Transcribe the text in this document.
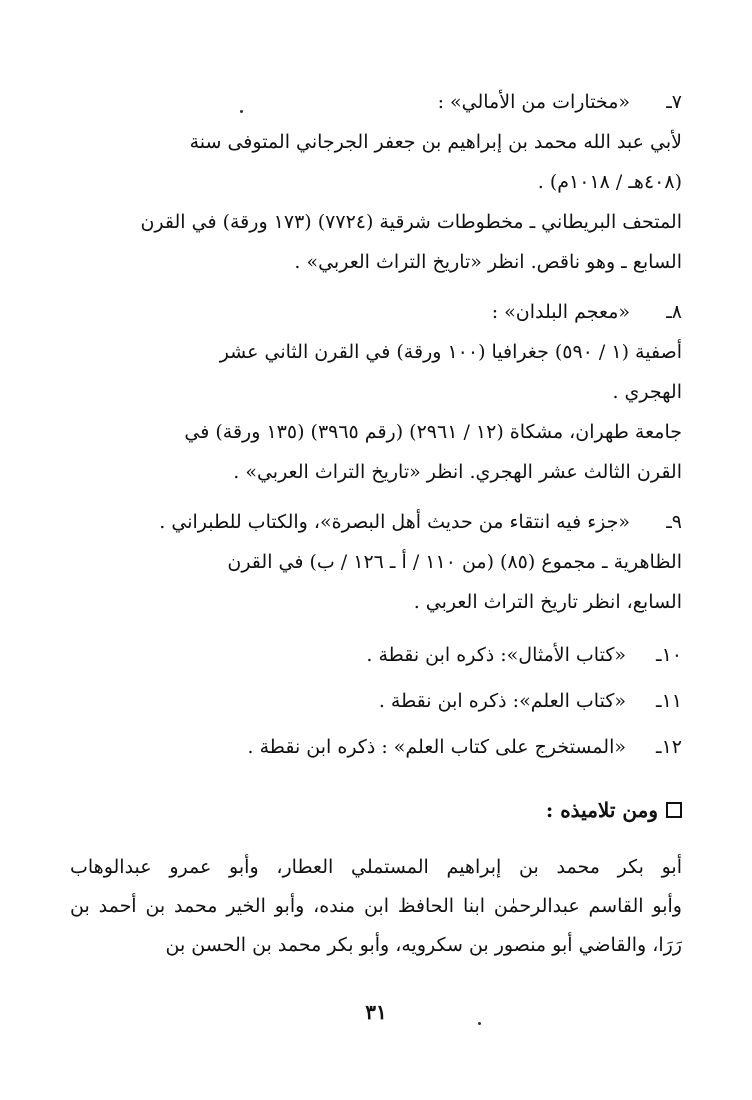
٧ـ
«مختارات من الأمالي» :
لأبي عبد الله محمد بن إبراهيم بن جعفر الجرجاني المتوفى سنة
(٤٠٨هـ / ١٠١٨م) .
المتحف البريطاني ـ مخطوطات شرقية (٧٧٢٤) (١٧٣ ورقة) في القرن
السابع ـ وهو ناقص. انظر «تاريخ التراث العربي» .
٨ـ
«معجم البلدان» :
أصفية (١ / ٥٩٠) جغرافيا (١٠٠ ورقة) في القرن الثاني عشر
الهجري .
جامعة طهران، مشكاة (١٢ / ٢٩٦١) (رقم ٣٩٦٥) (١٣٥ ورقة) في
القرن الثالث عشر الهجري. انظر «تاريخ التراث العربي» .
٩ـ
«جزء فيه انتقاء من حديث أهل البصرة»، والكتاب للطبراني .
الظاهرية ـ مجموع (٨٥) (من ١١٠ / أ ـ ١٢٦ / ب) في القرن
السابع، انظر تاريخ التراث العربي .
١٠ـ
«كتاب الأمثال»: ذكره ابن نقطة .
١١ـ
«كتاب العلم»: ذكره ابن نقطة .
١٢ـ
«المستخرج على كتاب العلم» : ذكره ابن نقطة .
ومن تلاميذه :
أبو بكر محمد بن إبراهيم المستملي العطار، وأبو عمرو عبدالوهاب
وأبو القاسم عبدالرحمٰن ابنا الحافظ ابن منده، وأبو الخير محمد بن أحمد بن
رَرَا، والقاضي أبو منصور بن سكرويه، وأبو بكر محمد بن الحسن بن
٣١
